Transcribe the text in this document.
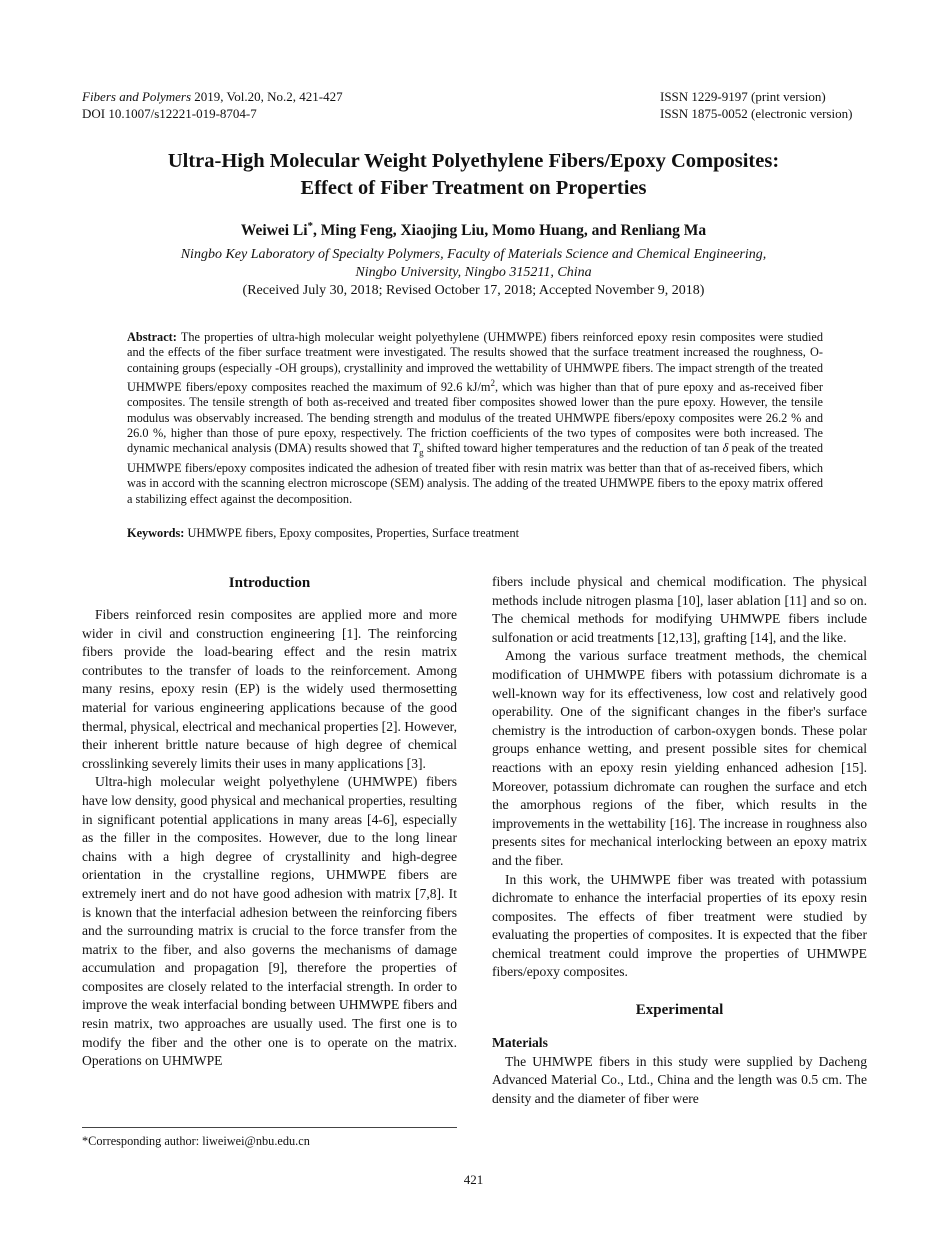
Fibers and Polymers 2019, Vol.20, No.2, 421-427
DOI 10.1007/s12221-019-8704-7
ISSN 1229-9197 (print version)
ISSN 1875-0052 (electronic version)
Ultra-High Molecular Weight Polyethylene Fibers/Epoxy Composites:
Effect of Fiber Treatment on Properties
Weiwei Li*, Ming Feng, Xiaojing Liu, Momo Huang, and Renliang Ma
Ningbo Key Laboratory of Specialty Polymers, Faculty of Materials Science and Chemical Engineering,
Ningbo University, Ningbo 315211, China
(Received July 30, 2018; Revised October 17, 2018; Accepted November 9, 2018)
Abstract: The properties of ultra-high molecular weight polyethylene (UHMWPE) fibers reinforced epoxy resin composites were studied and the effects of the fiber surface treatment were investigated. The results showed that the surface treatment increased the roughness, O-containing groups (especially -OH groups), crystallinity and improved the wettability of UHMWPE fibers. The impact strength of the treated UHMWPE fibers/epoxy composites reached the maximum of 92.6 $kJ/m^2$, which was higher than that of pure epoxy and as-received fiber composites. The tensile strength of both as-received and treated fiber composites showed lower than the pure epoxy. However, the tensile modulus was observably increased. The bending strength and modulus of the treated UHMWPE fibers/epoxy composites were 26.2 % and 26.0 %, higher than those of pure epoxy, respectively. The friction coefficients of the two types of composites were both increased. The dynamic mechanical analysis (DMA) results showed that $T_g$ shifted toward higher temperatures and the reduction of tan δ peak of the treated UHMWPE fibers/epoxy composites indicated the adhesion of treated fiber with resin matrix was better than that of as-received fibers, which was in accord with the scanning electron microscope (SEM) analysis. The adding of the treated UHMWPE fibers to the epoxy matrix offered a stabilizing effect against the decomposition.
Keywords: UHMWPE fibers, Epoxy composites, Properties, Surface treatment
Introduction

Fibers reinforced resin composites are applied more and more wider in civil and construction engineering [1]. The reinforcing fibers provide the load-bearing effect and the resin matrix contributes to the transfer of loads to the reinforcement. Among many resins, epoxy resin (EP) is the widely used thermosetting material for various engineering applications because of the good thermal, physical, electrical and mechanical properties [2]. However, their inherent brittle nature because of high degree of chemical crosslinking severely limits their uses in many applications [3].

Ultra-high molecular weight polyethylene (UHMWPE) fibers have low density, good physical and mechanical properties, resulting in significant potential applications in many areas [4-6], especially as the filler in the composites. However, due to the long linear chains with a high degree of crystallinity and high-degree orientation in the crystalline regions, UHMWPE fibers are extremely inert and do not have good adhesion with matrix [7,8]. It is known that the interfacial adhesion between the reinforcing fibers and the surrounding matrix is crucial to the force transfer from the matrix to the fiber, and also governs the mechanisms of damage accumulation and propagation [9], therefore the properties of composites are closely related to the interfacial strength. In order to improve the weak interfacial bonding between UHMWPE fibers and resin matrix, two approaches are usually used. The first one is to modify the fiber and the other one is to operate on the matrix. Operations on UHMWPE

fibers include physical and chemical modification. The physical methods include nitrogen plasma [10], laser ablation [11] and so on. The chemical methods for modifying UHMWPE fibers include sulfonation or acid treatments [12,13], grafting [14], and the like.

Among the various surface treatment methods, the chemical modification of UHMWPE fibers with potassium dichromate is a well-known way for its effectiveness, low cost and relatively good operability. One of the significant changes in the fiber's surface chemistry is the introduction of carbon-oxygen bonds. These polar groups enhance wetting, and present possible sites for chemical reactions with an epoxy resin yielding enhanced adhesion [15]. Moreover, potassium dichromate can roughen the surface and etch the amorphous regions of the fiber, which results in the improvements in the wettability [16]. The increase in roughness also presents sites for mechanical interlocking between an epoxy matrix and the fiber.

In this work, the UHMWPE fiber was treated with potassium dichromate to enhance the interfacial properties of its epoxy resin composites. The effects of fiber treatment were studied by evaluating the properties of composites. It is expected that the fiber chemical treatment could improve the properties of UHMWPE fibers/epoxy composites.

Experimental
Materials

The UHMWPE fibers in this study were supplied by Dacheng Advanced Material Co., Ltd., China and the length was 0.5 cm. The density and the diameter of fiber were

*Corresponding author: liweiwei@nbu.edu.cn
421
